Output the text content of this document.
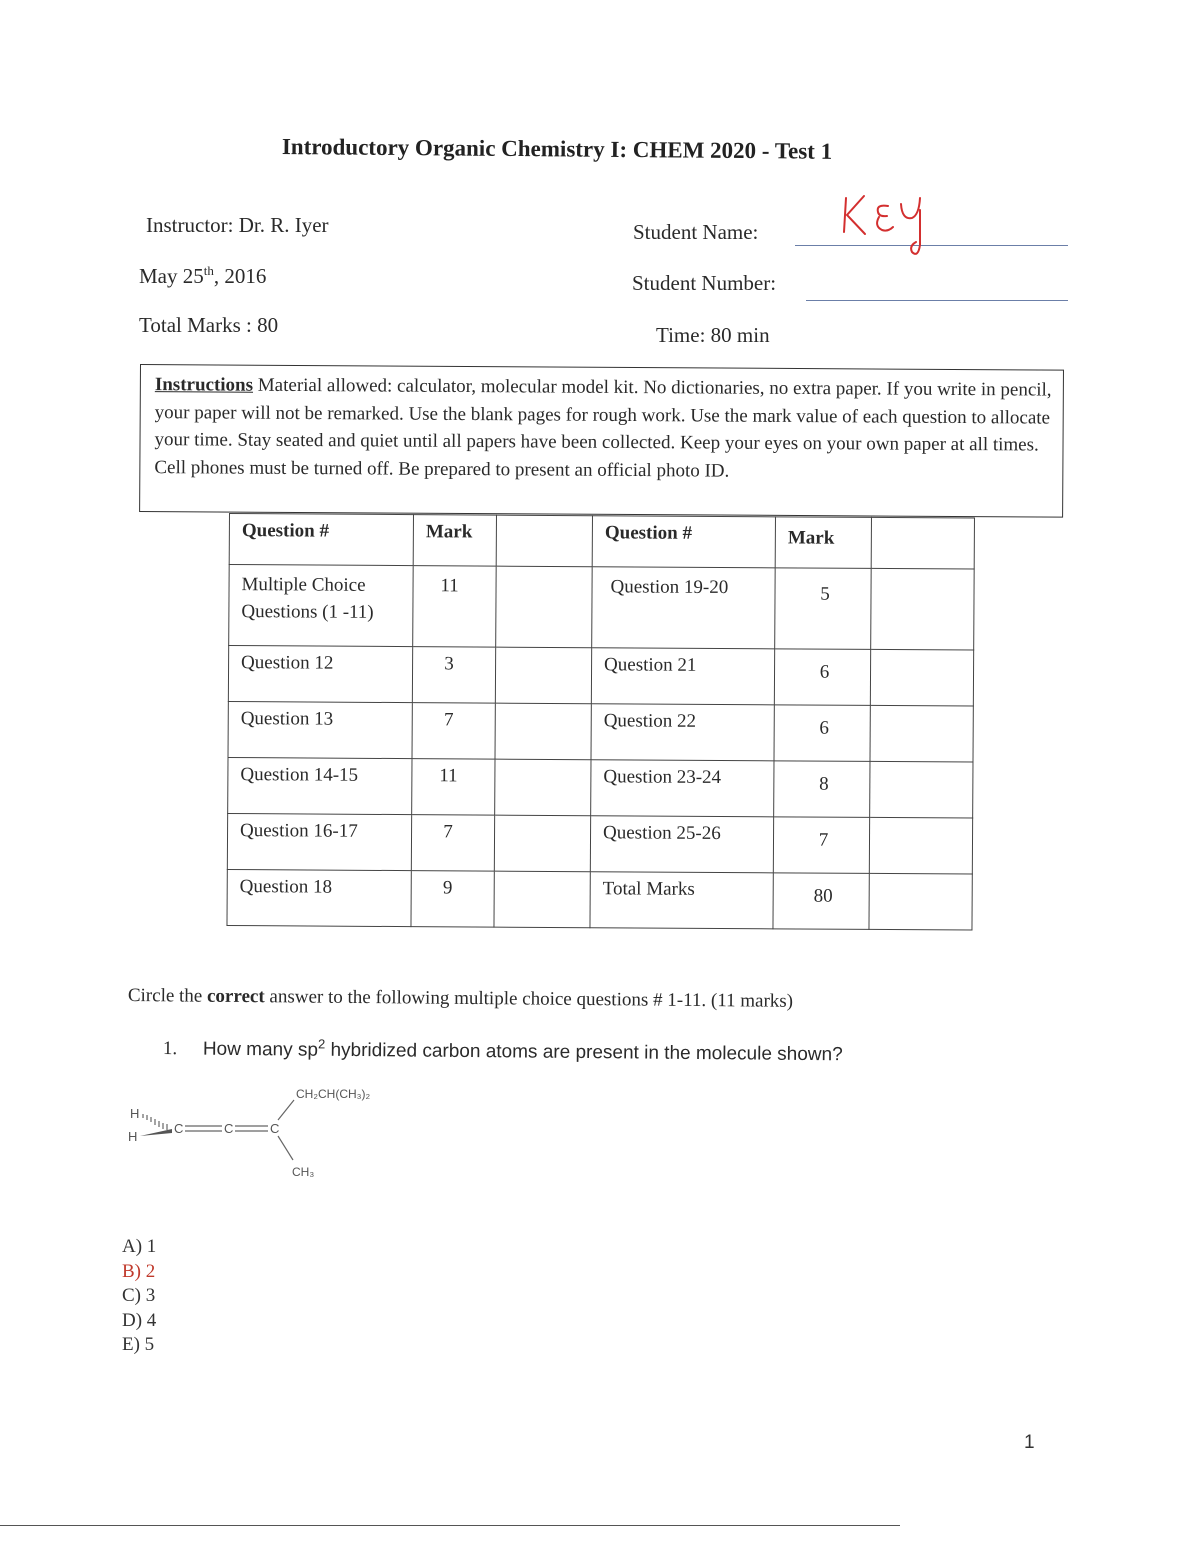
Introductory Organic Chemistry I: CHEM 2020 - Test 1
Instructor: Dr. R. Iyer
May 25th, 2016
Total Marks : 80
Student Name:
Student Number:
Time: 80 min
Instructions Material allowed: calculator, molecular model kit. No dictionaries, no extra paper. If you write in pencil, your paper will not be remarked. Use the blank pages for rough work. Use the mark value of each question to allocate your time. Stay seated and quiet until all papers have been collected. Keep your eyes on your own paper at all times. Cell phones must be turned off. Be prepared to present an official photo ID.
Question #	Mark		Question #	Mark	
Multiple Choice Questions (1 -11)	11		Question 19-20	5	
Question 12	3		Question 21	6	
Question 13	7		Question 22	6	
Question 14-15	11		Question 23-24	8	
Question 16-17	7		Question 25-26	7	
Question 18	9		Total Marks	80	
Circle the correct answer to the following multiple choice questions # 1-11. (11 marks)
1. How many $sp^2$ hybridized carbon atoms are present in the molecule shown?
H
H
C	C	C
CH₂CH(CH₃)₂
CH₃
A) 1
B) 2
C) 3
D) 4
E) 5
1
